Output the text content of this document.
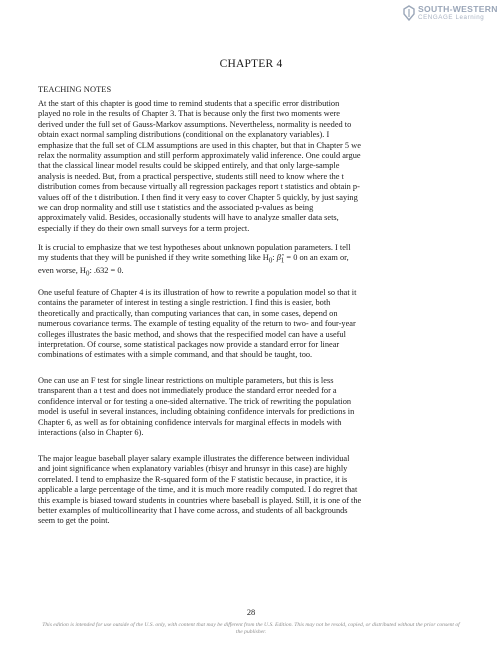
SOUTH-WESTERN
CENGAGE Learning
CHAPTER 4
TEACHING NOTES

At the start of this chapter is good time to remind students that a specific error distribution
played no role in the results of Chapter 3. That is because only the first two moments were
derived under the full set of Gauss-Markov assumptions. Nevertheless, normality is needed to
obtain exact normal sampling distributions (conditional on the explanatory variables). I
emphasize that the full set of CLM assumptions are used in this chapter, but that in Chapter 5 we
relax the normality assumption and still perform approximately valid inference. One could argue
that the classical linear model results could be skipped entirely, and that only large-sample
analysis is needed. But, from a practical perspective, students still need to know where the t
distribution comes from because virtually all regression packages report t statistics and obtain p-
values off of the t distribution. I then find it very easy to cover Chapter 5 quickly, by just saying
we can drop normality and still use t statistics and the associated p-values as being
approximately valid. Besides, occasionally students will have to analyze smaller data sets,
especially if they do their own small surveys for a term project.

It is crucial to emphasize that we test hypotheses about unknown population parameters. I tell
my students that they will be punished if they write something like $H_0$: $\betâ_1 = 0$ on an exam or,
even worse, $H_0$: .632 = 0.

One useful feature of Chapter 4 is its illustration of how to rewrite a population model so that it
contains the parameter of interest in testing a single restriction. I find this is easier, both
theoretically and practically, than computing variances that can, in some cases, depend on
numerous covariance terms. The example of testing equality of the return to two- and four-year
colleges illustrates the basic method, and shows that the respecified model can have a useful
interpretation. Of course, some statistical packages now provide a standard error for linear
combinations of estimates with a simple command, and that should be taught, too.

One can use an F test for single linear restrictions on multiple parameters, but this is less
transparent than a t test and does not immediately produce the standard error needed for a
confidence interval or for testing a one-sided alternative. The trick of rewriting the population
model is useful in several instances, including obtaining confidence intervals for predictions in
Chapter 6, as well as for obtaining confidence intervals for marginal effects in models with
interactions (also in Chapter 6).

The major league baseball player salary example illustrates the difference between individual
and joint significance when explanatory variables (rbisyr and hrunsyr in this case) are highly
correlated. I tend to emphasize the R-squared form of the F statistic because, in practice, it is
applicable a large percentage of the time, and it is much more readily computed. I do regret that
this example is biased toward students in countries where baseball is played. Still, it is one of the
better examples of multicollinearity that I have come across, and students of all backgrounds
seem to get the point.

28

This edition is intended for use outside of the U.S. only, with content that may be different from the U.S. Edition. This may not be resold, copied, or distributed without the prior consent of the publisher.
